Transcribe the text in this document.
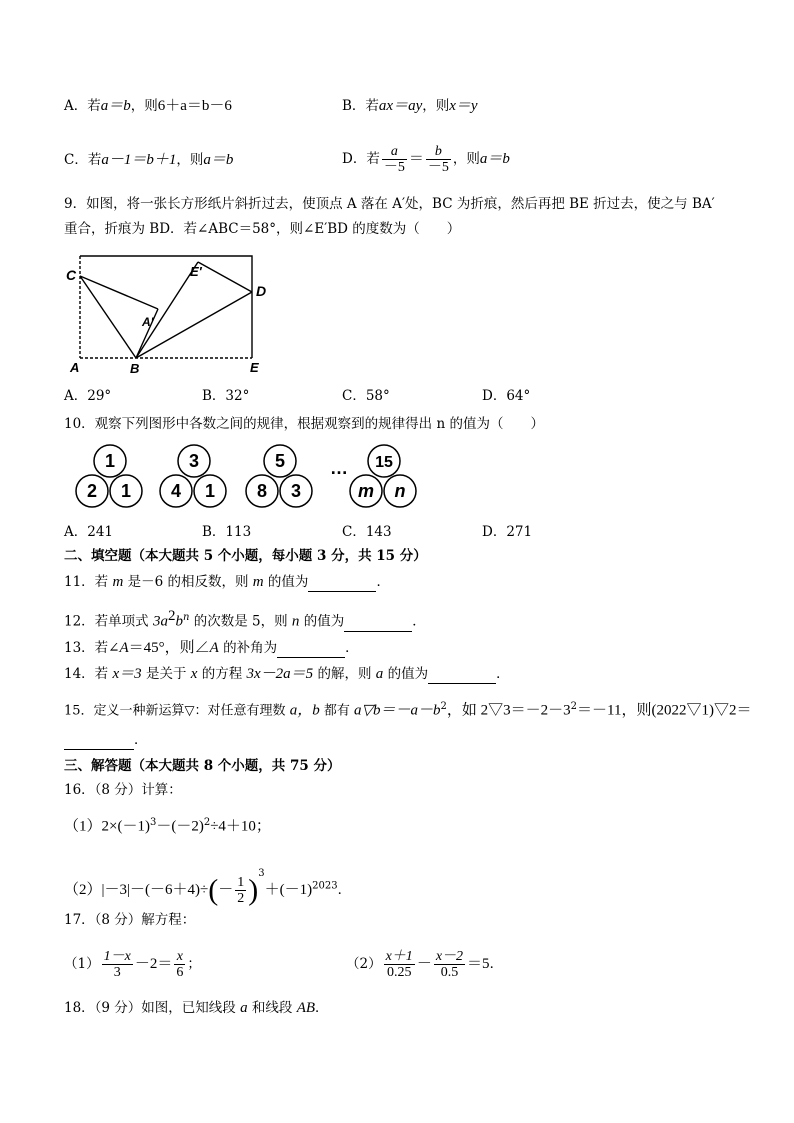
A．若a＝b，则6＋a＝b－6	B．若ax＝ay，则x＝y
C．若a－1＝b＋1，则a＝b	D．若 $\frac{a}{-5} = \frac{b}{-5}$ ，则a＝b
9．如图，将一张长方形纸片斜折过去，使顶点 A 落在 A′处，BC 为折痕，然后再把 BE 折过去，使之与 BA′
重合，折痕为 BD．若∠ABC＝58°，则∠E′BD 的度数为（　　）
C
D
E′
A′
A	B	E
A．29°	B．32°	C．58°	D．64°
10．观察下列图形中各数之间的规律，根据观察到的规律得出 n 的值为（　　）
1
2 1
3
4 1
5
8 3
… 15
m n
A．241	B．113	C．143	D．271
二、填空题（本大题共 5 个小题，每小题 3 分，共 15 分）
11．若 m 是－6 的相反数，则 m 的值为	．
12．若单项式 $3a^2b^n$ 的次数是 5，则 n 的值为	．
13．若∠A＝45°，则∠A 的补角为	．
14．若 x＝3 是关于 x 的方程 3x－2a＝5 的解，则 a 的值为	．
15．定义一种新运算▽：对任意有理数 a，b 都有 $a▽b=-a-b^2$，如 $2▽3=-2-3^2=-11$，则(2022▽1)▽2＝
．
三、解答题（本大题共 8 个小题，共 75 分）
16．（8 分）计算：
$(1)2\times(-1)^3-(-2)^2\div 4+10$；
$(2)|-3|-(-6+4)\div(- \frac{1}{2} )^3+(-1)^{2023}$．
17．（8 分）解方程：
$(1) \frac{1-x}{3} -2= \frac{x}{6}$ ；	$(2) \frac{x+1}{0.25} - \frac{x-2}{0.5} =5$．
18．（9 分）如图，已知线段 a 和线段 AB．
